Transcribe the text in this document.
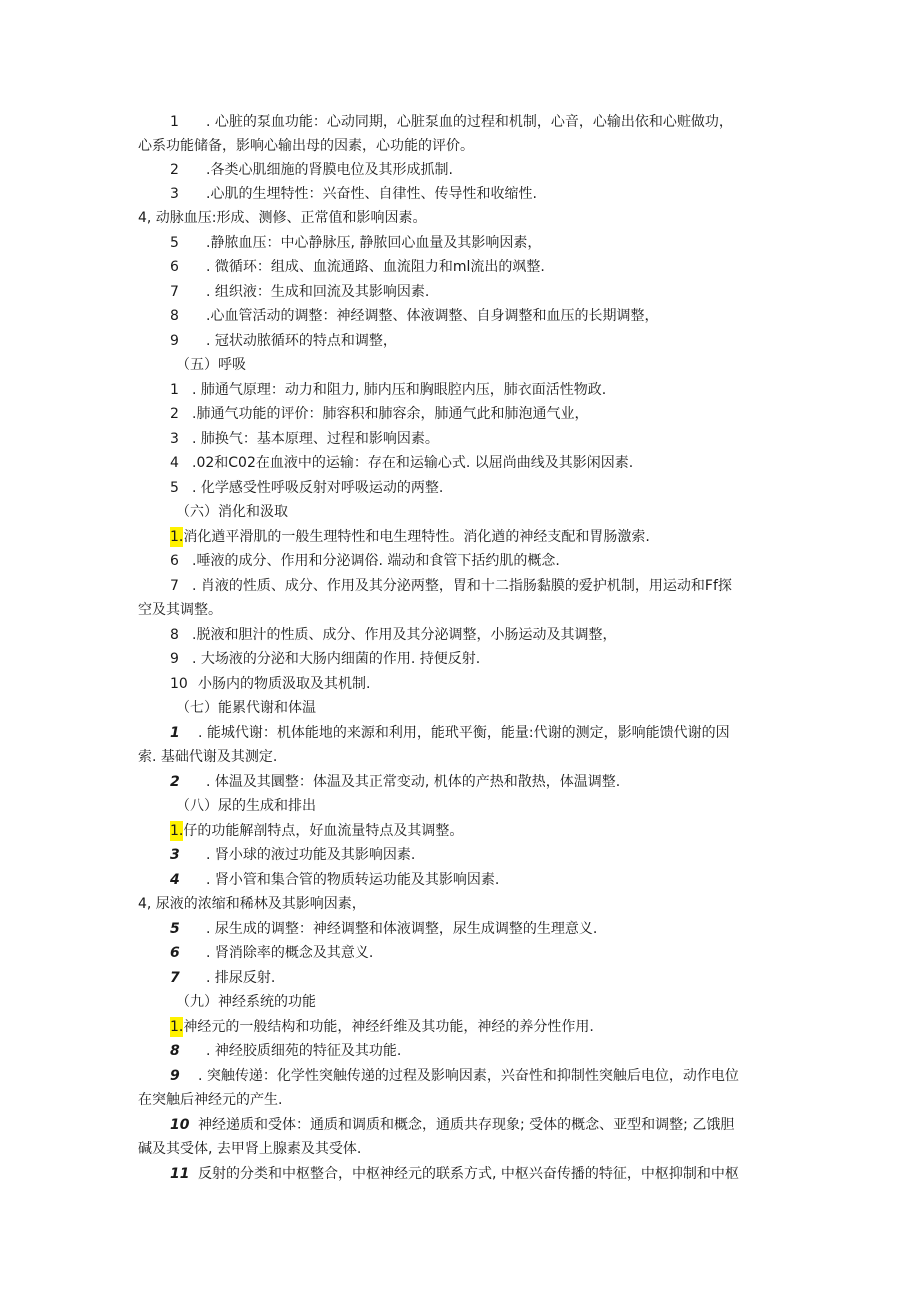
1 . 心脏的泵血功能：心动同期，心脏泵血的过程和机制，心音，心输出依和心赃做功，
心系功能储备，影响心输出母的因素，心功能的评价。
2 .各类心肌细施的肾膜电位及其形成抓制.
3 .心肌的生埋特性：兴奋性、自律性、传导性和收缩性.
4, 动脉血压:形成、测修、正常值和影响因素。
5 .静脓血压：中心静脉压, 静脓回心血量及其影响因素，
6 . 微循环：组成、血流通路、血流阻力和ml流出的飒整.
7 . 组织液：生成和回流及其影响因素.
8 .心血管活动的调整：神经调整、体液调整、自身调整和血压的长期调整，
9 . 冠状动脓循环的特点和调整，
（五）呼吸
1 . 肺通气原理：动力和阻力, 肺内压和胸眼腔内压，肺衣面活性物政.
2 .肺通气功能的评价：肺容积和肺容余，肺通气此和肺泡通气业，
3 . 肺换气：基本原理、过程和影响因素。
4 .02和C02在血液中的运输：存在和运输心式. 以屈尚曲线及其影闲因素.
5 . 化学感受性呼吸反射对呼吸运动的两整.
（六）消化和汲取
1.消化遒平滑肌的一般生理特性和电生理特性。消化遒的神经支配和胃肠激索.
6 .唾液的成分、作用和分泌调俗. 端动和食管下括约肌的概念.
7 . 肖液的性质、成分、作用及其分泌两整，胃和十二指肠黏膜的爱护机制，用运动和Ff探
空及其调整。
8 .脱液和胆汁的性质、成分、作用及其分泌调整，小肠运动及其调整，
9 . 大场液的分泌和大肠内细菌的作用. 持便反射.
10 小肠内的物质汲取及其机制.
（七）能累代谢和体温
1 . 能城代谢：机体能地的来源和利用，能玳平衡，能量:代谢的测定，影响能馈代谢的因
索. 基础代谢及其测定.
2 . 体温及其圜整：体温及其正常变动, 机体的产热和散热，体温调整.
（八）尿的生成和排出
1.仔的功能解剖特点，好血流量特点及其调整。
3 . 肾小球的液过功能及其影响因素.
4 . 肾小管和集合管的物质转运功能及其影响因素.
4, 尿液的浓缩和稀林及其影响因素，
5 . 尿生成的调整：神经调整和体液调整，尿生成调整的生理意义.
6 . 肾消除率的概念及其意义.
7 . 排尿反射.
（九）神经系统的功能
1.神经元的一般结构和功能，神经纤维及其功能，神经的养分性作用.
8 . 神经胶质细苑的特征及其功能.
9 . 突触传递：化学性突触传递的过程及影响因素，兴奋性和抑制性突触后电位，动作电位
在突触后神经元的产生.
10 神经递质和受体：通质和调质和概念，通质共存现象; 受体的概念、亚型和调整; 乙饿胆
碱及其受体, 去甲肾上腺素及其受体.
11 反射的分类和中枢整合，中枢神经元的联系方式, 中枢兴奋传播的特征，中枢抑制和中枢
